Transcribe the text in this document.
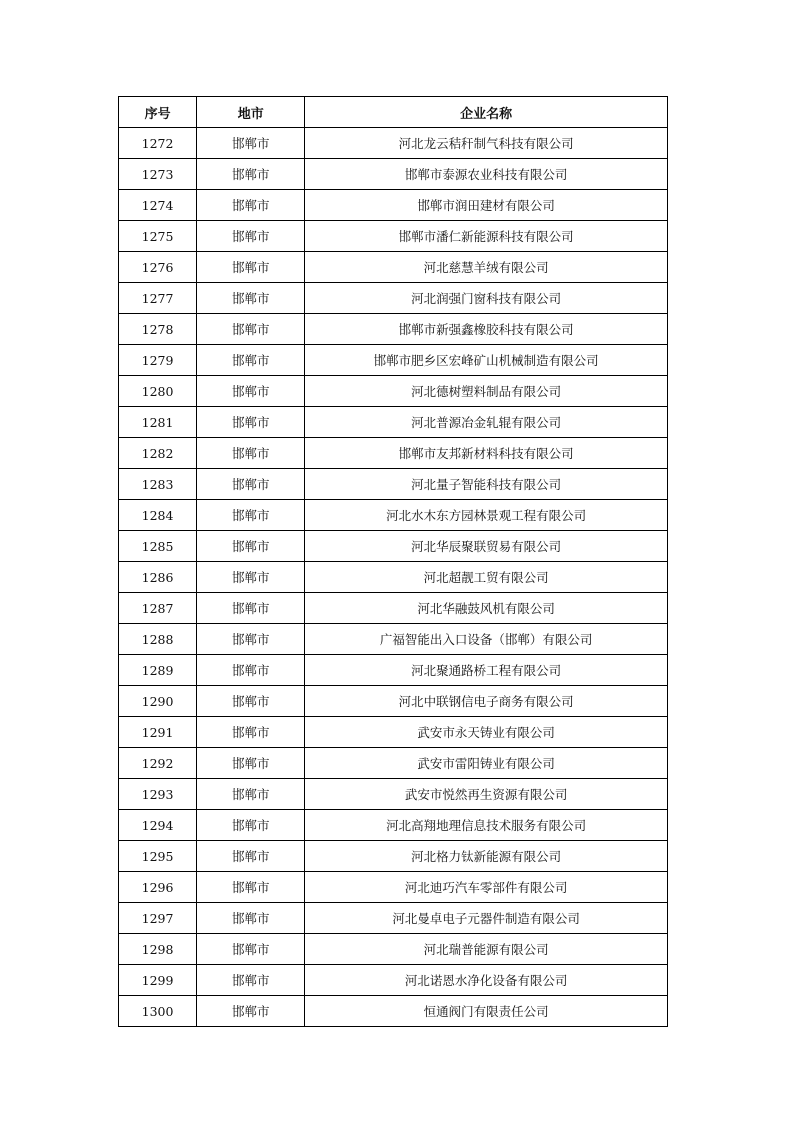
序号	地市	企业名称
1272	邯郸市	河北龙云秸秆制气科技有限公司
1273	邯郸市	邯郸市泰源农业科技有限公司
1274	邯郸市	邯郸市润田建材有限公司
1275	邯郸市	邯郸市潘仁新能源科技有限公司
1276	邯郸市	河北慈慧羊绒有限公司
1277	邯郸市	河北润强门窗科技有限公司
1278	邯郸市	邯郸市新强鑫橡胶科技有限公司
1279	邯郸市	邯郸市肥乡区宏峰矿山机械制造有限公司
1280	邯郸市	河北德树塑料制品有限公司
1281	邯郸市	河北普源冶金轧辊有限公司
1282	邯郸市	邯郸市友邦新材料科技有限公司
1283	邯郸市	河北量子智能科技有限公司
1284	邯郸市	河北水木东方园林景观工程有限公司
1285	邯郸市	河北华辰聚联贸易有限公司
1286	邯郸市	河北超靓工贸有限公司
1287	邯郸市	河北华融鼓风机有限公司
1288	邯郸市	广福智能出入口设备（邯郸）有限公司
1289	邯郸市	河北聚通路桥工程有限公司
1290	邯郸市	河北中联钢信电子商务有限公司
1291	邯郸市	武安市永天铸业有限公司
1292	邯郸市	武安市雷阳铸业有限公司
1293	邯郸市	武安市悦然再生资源有限公司
1294	邯郸市	河北高翔地理信息技术服务有限公司
1295	邯郸市	河北格力钛新能源有限公司
1296	邯郸市	河北迪巧汽车零部件有限公司
1297	邯郸市	河北曼卓电子元器件制造有限公司
1298	邯郸市	河北瑞普能源有限公司
1299	邯郸市	河北诺恩水净化设备有限公司
1300	邯郸市	恒通阀门有限责任公司
